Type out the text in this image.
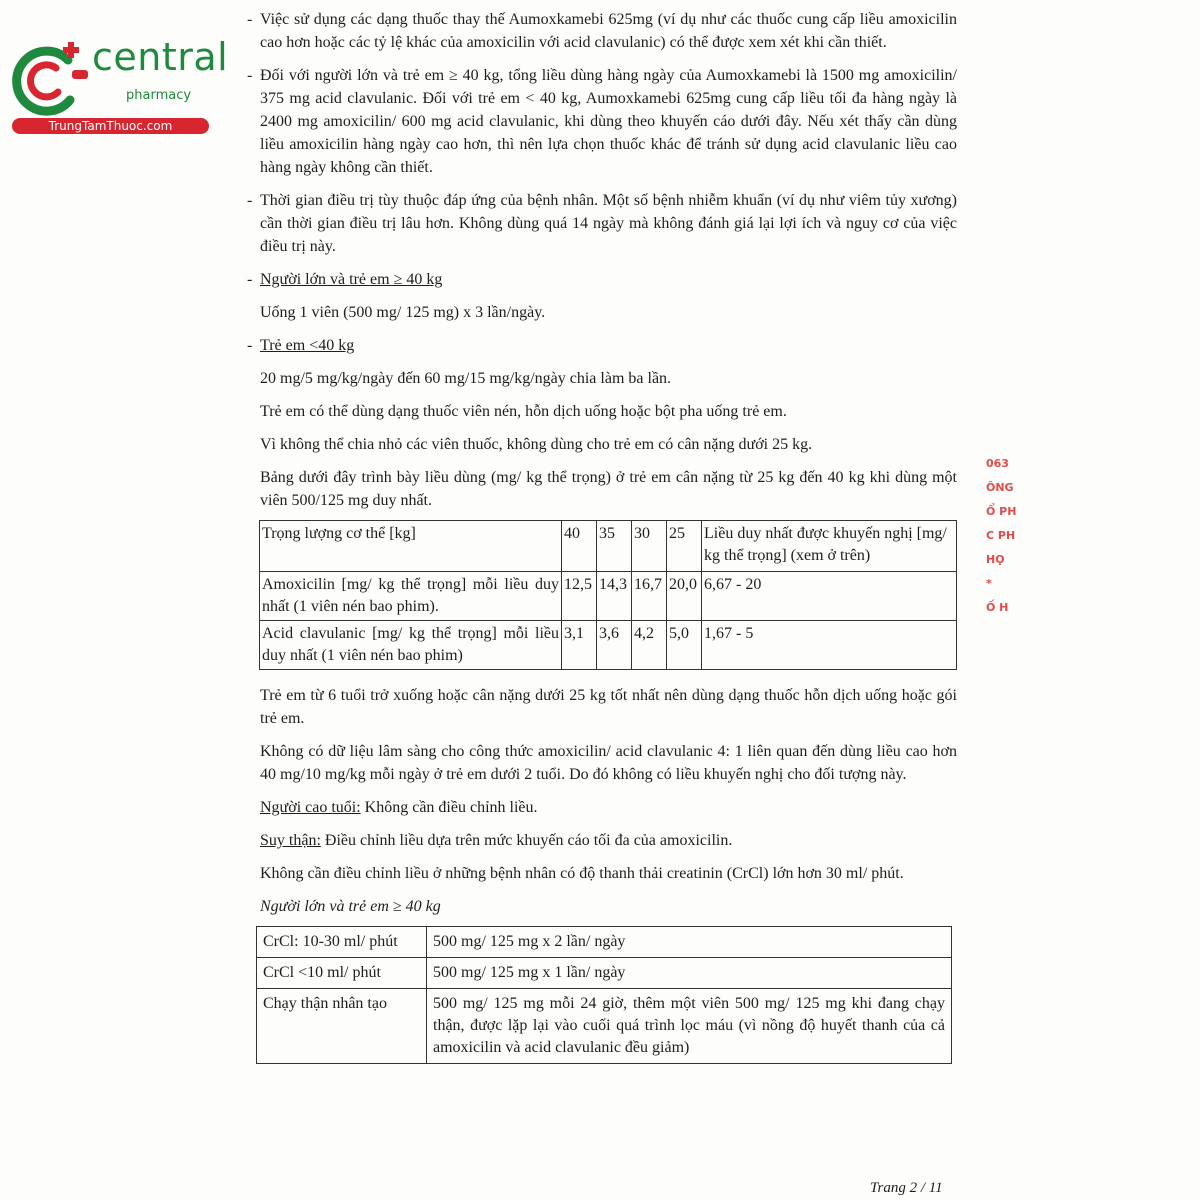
central
pharmacy
TrungTamThuoc.com

- Việc sử dụng các dạng thuốc thay thế Aumoxkamebi 625mg (ví dụ như các thuốc cung cấp liều amoxicilin cao hơn hoặc các tỷ lệ khác của amoxicilin với acid clavulanic) có thể được xem xét khi cần thiết.

- Đối với người lớn và trẻ em ≥ 40 kg, tổng liều dùng hàng ngày của Aumoxkamebi là 1500 mg amoxicilin/ 375 mg acid clavulanic. Đối với trẻ em < 40 kg, Aumoxkamebi 625mg cung cấp liều tối đa hàng ngày là 2400 mg amoxicilin/ 600 mg acid clavulanic, khi dùng theo khuyến cáo dưới đây. Nếu xét thấy cần dùng liều amoxicilin hàng ngày cao hơn, thì nên lựa chọn thuốc khác để tránh sử dụng acid clavulanic liều cao hàng ngày không cần thiết.

- Thời gian điều trị tùy thuộc đáp ứng của bệnh nhân. Một số bệnh nhiễm khuẩn (ví dụ như viêm tủy xương) cần thời gian điều trị lâu hơn. Không dùng quá 14 ngày mà không đánh giá lại lợi ích và nguy cơ của việc điều trị này.

- Người lớn và trẻ em ≥ 40 kg

Uống 1 viên (500 mg/ 125 mg) x 3 lần/ngày.

- Trẻ em <40 kg

20 mg/5 mg/kg/ngày đến 60 mg/15 mg/kg/ngày chia làm ba lần.

Trẻ em có thể dùng dạng thuốc viên nén, hỗn dịch uống hoặc bột pha uống trẻ em.

Vì không thể chia nhỏ các viên thuốc, không dùng cho trẻ em có cân nặng dưới 25 kg.

Bảng dưới đây trình bày liều dùng (mg/ kg thể trọng) ở trẻ em cân nặng từ 25 kg đến 40 kg khi dùng một viên 500/125 mg duy nhất.

Trọng lượng cơ thể [kg]	40	35	30	25	Liều duy nhất được khuyến nghị [mg/ kg thể trọng] (xem ở trên)
Amoxicilin [mg/ kg thể trọng] mỗi liều duy nhất (1 viên nén bao phim).	12,5	14,3	16,7	20,0	6,67 - 20
Acid clavulanic [mg/ kg thể trọng] mỗi liều duy nhất (1 viên nén bao phim)	3,1	3,6	4,2	5,0	1,67 - 5

Trẻ em từ 6 tuổi trở xuống hoặc cân nặng dưới 25 kg tốt nhất nên dùng dạng thuốc hỗn dịch uống hoặc gói trẻ em.

Không có dữ liệu lâm sàng cho công thức amoxicilin/ acid clavulanic 4: 1 liên quan đến dùng liều cao hơn 40 mg/10 mg/kg mỗi ngày ở trẻ em dưới 2 tuổi. Do đó không có liều khuyến nghị cho đối tượng này.

Người cao tuổi: Không cần điều chỉnh liều.

Suy thận: Điều chỉnh liều dựa trên mức khuyến cáo tối đa của amoxicilin.

Không cần điều chỉnh liều ở những bệnh nhân có độ thanh thải creatinin (CrCl) lớn hơn 30 ml/ phút.

Người lớn và trẻ em ≥ 40 kg

CrCl: 10-30 ml/ phút	500 mg/ 125 mg x 2 lần/ ngày
CrCl <10 ml/ phút	500 mg/ 125 mg x 1 lần/ ngày
Chạy thận nhân tạo	500 mg/ 125 mg mỗi 24 giờ, thêm một viên 500 mg/ 125 mg khi đang chạy thận, được lặp lại vào cuối quá trình lọc máu (vì nồng độ huyết thanh của cả amoxicilin và acid clavulanic đều giảm)
063
ÔNG
Ổ PH
C PH
HỌ
*
Ố H
Trang 2 / 11
